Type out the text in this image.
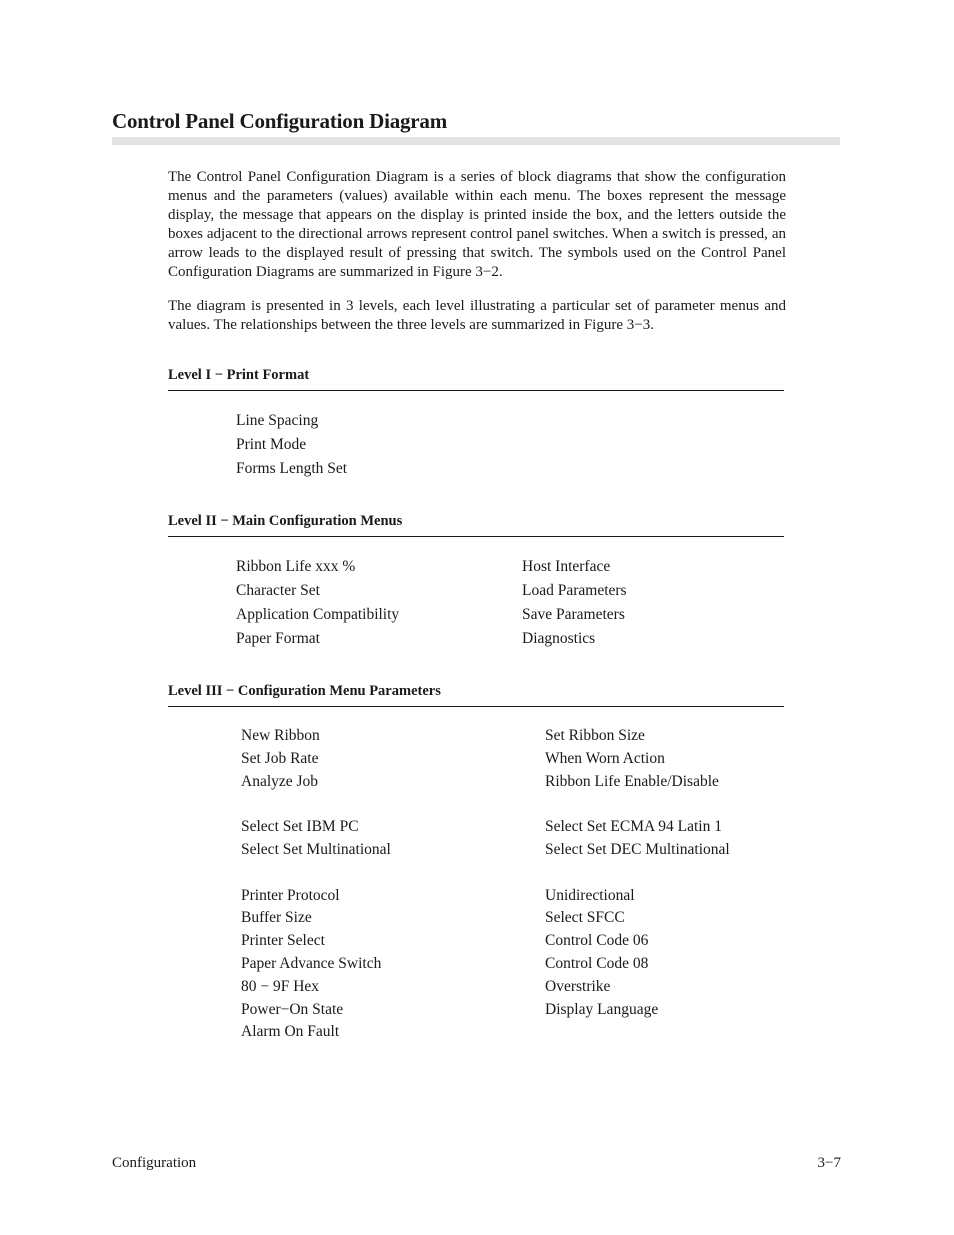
Control Panel Configuration Diagram

The Control Panel Configuration Diagram is a series of block diagrams that show the configuration menus and the parameters (values) available within each menu. The boxes represent the message display, the message that appears on the display is printed inside the box, and the letters outside the boxes adjacent to the directional arrows represent control panel switches. When a switch is pressed, an arrow leads to the displayed result of pressing that switch. The symbols used on the Control Panel Configuration Diagrams are summarized in Figure 3−2.

The diagram is presented in 3 levels, each level illustrating a particular set of parameter menus and values. The relationships between the three levels are summarized in Figure 3−3.

Level I − Print Format
Line Spacing
Print Mode
Forms Length Set
Level II − Main Configuration Menus
Ribbon Life xxx %
Character Set
Application Compatibility
Paper Format
Host Interface
Load Parameters
Save Parameters
Diagnostics
Level III − Configuration Menu Parameters
New Ribbon
Set Job Rate
Analyze Job
Select Set IBM PC
Select Set Multinational
Printer Protocol
Buffer Size
Printer Select
Paper Advance Switch
80 − 9F Hex
Power−On State
Alarm On Fault
Set Ribbon Size
When Worn Action
Ribbon Life Enable/Disable
Select Set ECMA 94 Latin 1
Select Set DEC Multinational
Unidirectional
Select SFCC
Control Code 06
Control Code 08
Overstrike
Display Language

Configuration	3−7
